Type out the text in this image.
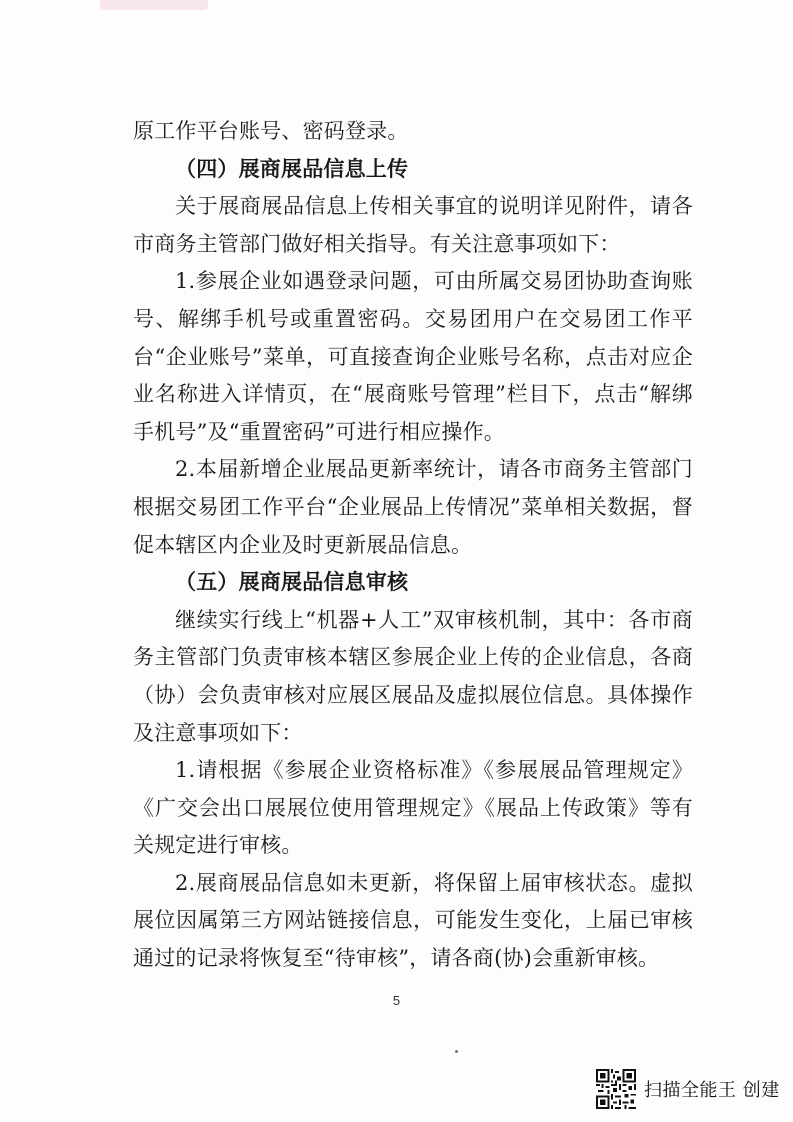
原工作平台账号、密码登录。

（四）展商展品信息上传

关于展商展品信息上传相关事宜的说明详见附件，请各市商务主管部门做好相关指导。有关注意事项如下：

1.参展企业如遇登录问题，可由所属交易团协助查询账号、解绑手机号或重置密码。交易团用户在交易团工作平台“企业账号”菜单，可直接查询企业账号名称，点击对应企业名称进入详情页，在“展商账号管理”栏目下，点击“解绑手机号”及“重置密码”可进行相应操作。

2.本届新增企业展品更新率统计，请各市商务主管部门根据交易团工作平台“企业展品上传情况”菜单相关数据，督促本辖区内企业及时更新展品信息。

（五）展商展品信息审核

继续实行线上“机器+人工”双审核机制，其中：各市商务主管部门负责审核本辖区参展企业上传的企业信息，各商（协）会负责审核对应展区展品及虚拟展位信息。具体操作及注意事项如下：

1.请根据《参展企业资格标准》《参展展品管理规定》《广交会出口展展位使用管理规定》《展品上传政策》等有关规定进行审核。

2.展商展品信息如未更新，将保留上届审核状态。虚拟展位因属第三方网站链接信息，可能发生变化，上届已审核通过的记录将恢复至“待审核”，请各商(协)会重新审核。

5
扫描全能王 创建
